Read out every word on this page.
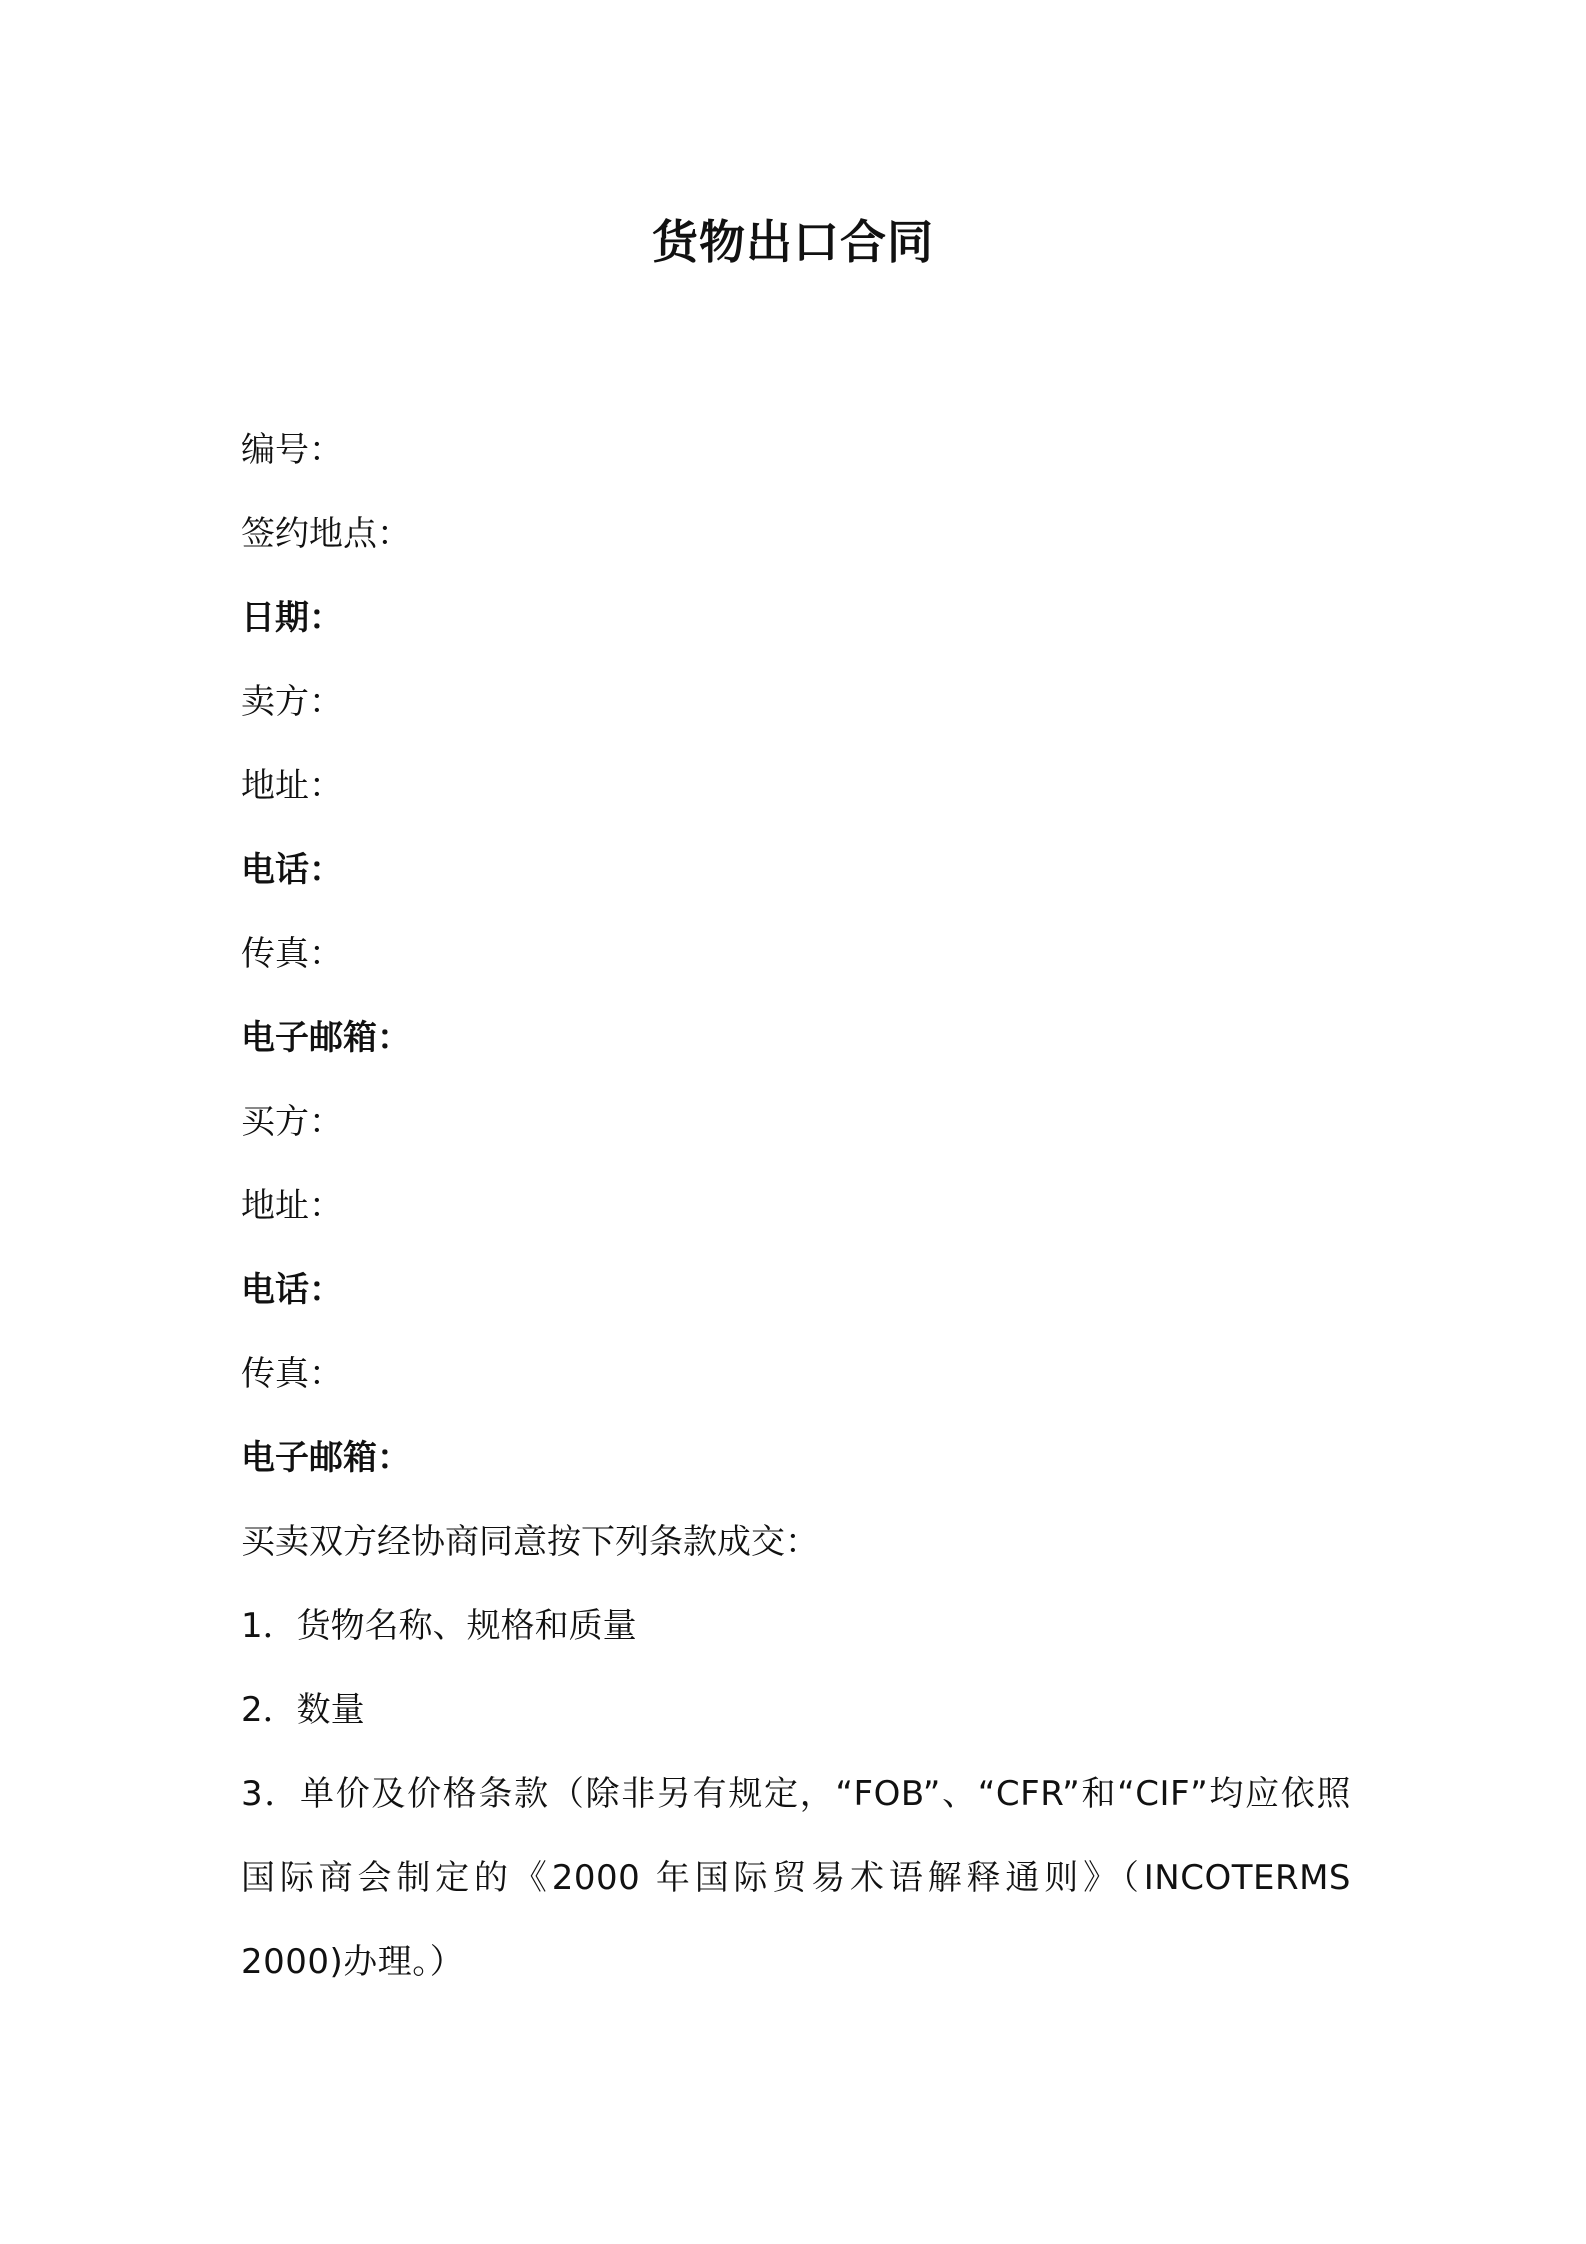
货物出口合同
编号：
签约地点：
日期：
卖方：
地址：
电话：
传真：
电子邮箱：
买方：
地址：
电话：
传真：
电子邮箱：
买卖双方经协商同意按下列条款成交：
1．货物名称、规格和质量
2．数量
3．单价及价格条款（除非另有规定，“FOB”、“CFR”和“CIF”均应依照国际商会制定的《2000 年国际贸易术语解释通则》（INCOTERMS 2000)办理。）
